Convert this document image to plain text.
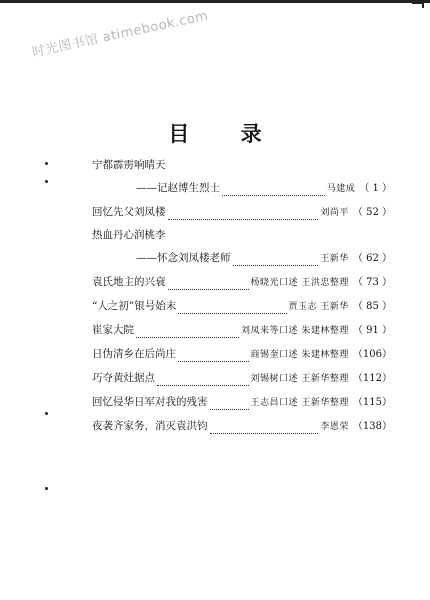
时光图书馆 atimebook.com
目 录
宁都霹雳响晴天
——记赵博生烈士	马建成 （ 1 ）
回忆先父刘凤楼	刘尚平 （ 52 ）
热血丹心润桃李
——怀念刘凤楼老师	王新华 （ 62 ）
袁氏地主的兴衰	杨晓光口述 王洪忠整理 （ 73 ）
“人之初”银号始末	贾玉志 王新华 （ 85 ）
崔家大院	刘凤来等口述 朱建林整理 （ 91 ）
日伪清乡在后尚庄	商锡奎口述 朱建林整理 （106）
巧夺黄灶据点	刘锡树口述 王新华整理 （112）
回忆侵华日军对我的残害	王志昌口述 王新华整理 （115）
夜袭齐家务，消灭袁洪钧	李恩荣 （138）
